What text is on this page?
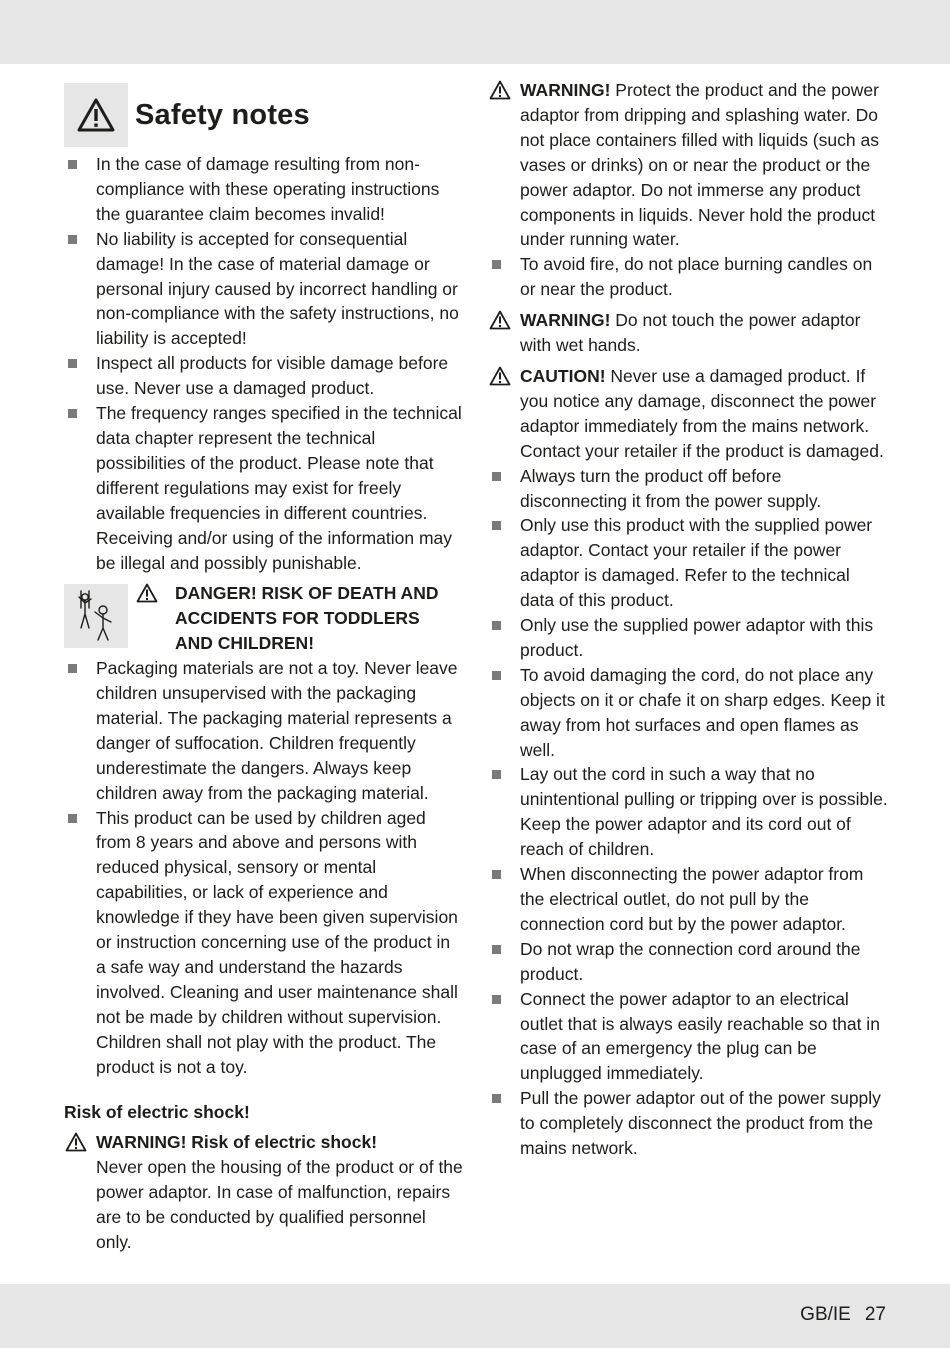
Safety notes
In the case of damage resulting from non-compliance with these operating instructions the guarantee claim becomes invalid!
No liability is accepted for consequential damage! In the case of material damage or personal injury caused by incorrect handling or non-compliance with the safety instructions, no liability is accepted!
Inspect all products for visible damage before use. Never use a damaged product.
The frequency ranges specified in the technical data chapter represent the technical possibilities of the product. Please note that different regulations may exist for freely available frequencies in different countries. Receiving and/or using of the information may be illegal and possibly punishable.
DANGER! RISK OF DEATH AND
ACCIDENTS FOR TODDLERS
AND CHILDREN!
Packaging materials are not a toy. Never leave children unsupervised with the packaging material. The packaging material represents a danger of suffocation. Children frequently underestimate the dangers. Always keep children away from the packaging material.
This product can be used by children aged from 8 years and above and persons with reduced physical, sensory or mental capabilities, or lack of experience and knowledge if they have been given supervision or instruction concerning use of the product in a safe way and understand the hazards involved. Cleaning and user maintenance shall not be made by children without supervision. Children shall not play with the product. The product is not a toy.
Risk of electric shock!
WARNING! Risk of electric shock!
Never open the housing of the product or of the power adaptor. In case of malfunction, repairs are to be conducted by qualified personnel only.
WARNING! Protect the product and the power adaptor from dripping and splashing water. Do not place containers filled with liquids (such as vases or drinks) on or near the product or the power adaptor. Do not immerse any product components in liquids. Never hold the product under running water.
To avoid fire, do not place burning candles on or near the product.
WARNING! Do not touch the power adaptor with wet hands.
CAUTION! Never use a damaged product. If you notice any damage, disconnect the power adaptor immediately from the mains network. Contact your retailer if the product is damaged.
Always turn the product off before disconnecting it from the power supply.
Only use this product with the supplied power adaptor. Contact your retailer if the power adaptor is damaged. Refer to the technical data of this product.
Only use the supplied power adaptor with this product.
To avoid damaging the cord, do not place any objects on it or chafe it on sharp edges. Keep it away from hot surfaces and open flames as well.
Lay out the cord in such a way that no unintentional pulling or tripping over is possible. Keep the power adaptor and its cord out of reach of children.
When disconnecting the power adaptor from the electrical outlet, do not pull by the connection cord but by the power adaptor.
Do not wrap the connection cord around the product.
Connect the power adaptor to an electrical outlet that is always easily reachable so that in case of an emergency the plug can be unplugged immediately.
Pull the power adaptor out of the power supply to completely disconnect the product from the mains network.
GB/IE 27
